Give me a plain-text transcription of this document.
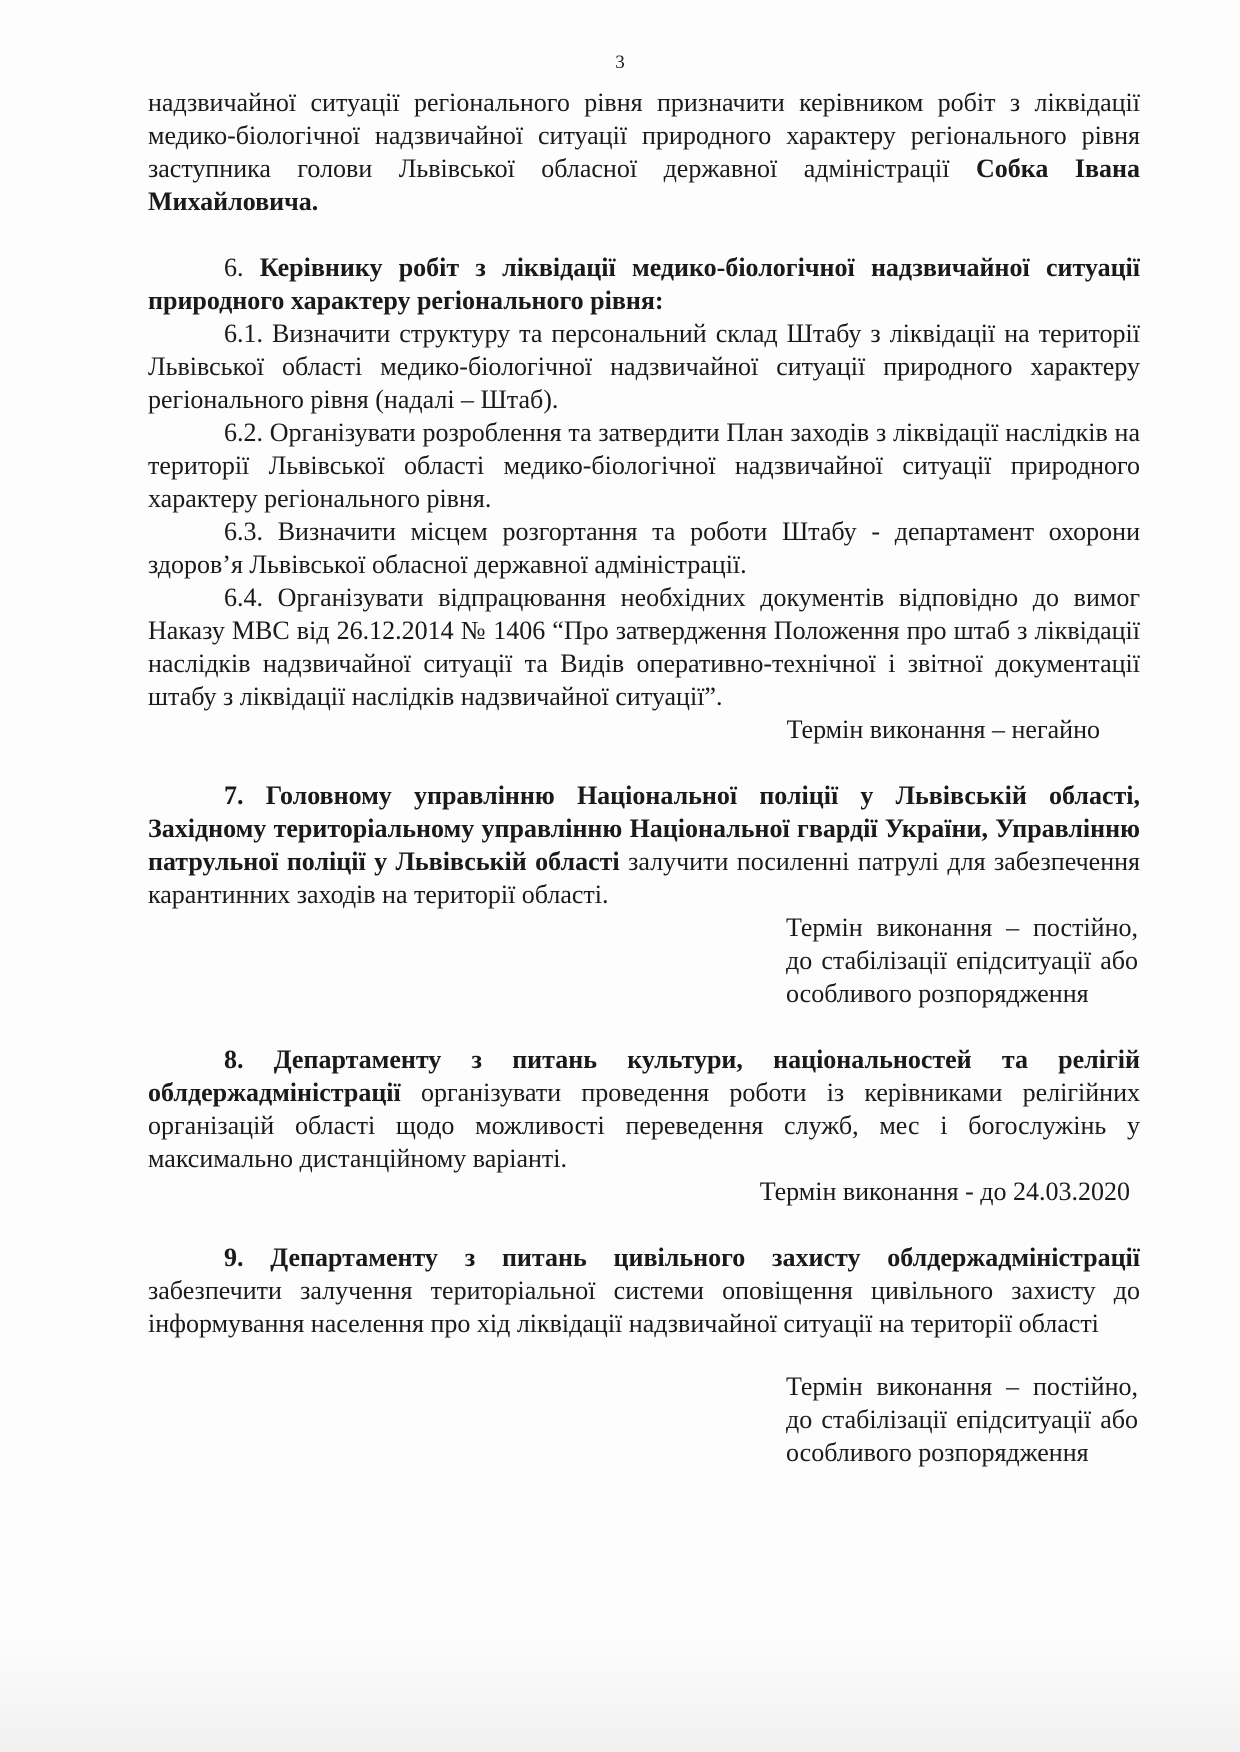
3

надзвичайної ситуації регіонального рівня призначити керівником робіт з ліквідації медико-біологічної надзвичайної ситуації природного характеру регіонального рівня заступника голови Львівської обласної державної адміністрації Собка Івана Михайловича.

6. Керівнику робіт з ліквідації медико-біологічної надзвичайної ситуації природного характеру регіонального рівня:

6.1. Визначити структуру та персональний склад Штабу з ліквідації на території Львівської області медико-біологічної надзвичайної ситуації природного характеру регіонального рівня (надалі – Штаб).

6.2. Організувати розроблення та затвердити План заходів з ліквідації наслідків на території Львівської області медико-біологічної надзвичайної ситуації природного характеру регіонального рівня.

6.3. Визначити місцем розгортання та роботи Штабу - департамент охорони здоров’я Львівської обласної державної адміністрації.

6.4. Організувати відпрацювання необхідних документів відповідно до вимог Наказу МВС від 26.12.2014 № 1406 “Про затвердження Положення про штаб з ліквідації наслідків надзвичайної ситуації та Видів оперативно-технічної і звітної документації штабу з ліквідації наслідків надзвичайної ситуації”.

Термін виконання – негайно

7. Головному управлінню Національної поліції у Львівській області, Західному територіальному управлінню Національної гвардії України, Управлінню патрульної поліції у Львівській області залучити посиленні патрулі для забезпечення карантинних заходів на території області.

Термін виконання – постійно,
до стабілізації епідситуації або
особливого розпорядження

8. Департаменту з питань культури, національностей та релігій облдержадміністрації організувати проведення роботи із керівниками релігійних організацій області щодо можливості переведення служб, мес і богослужінь у максимально дистанційному варіанті.

Термін виконання - до 24.03.2020

9. Департаменту з питань цивільного захисту облдержадміністрації забезпечити залучення територіальної системи оповіщення цивільного захисту до інформування населення про хід ліквідації надзвичайної ситуації на території області

Термін виконання – постійно,
до стабілізації епідситуації або
особливого розпорядження
